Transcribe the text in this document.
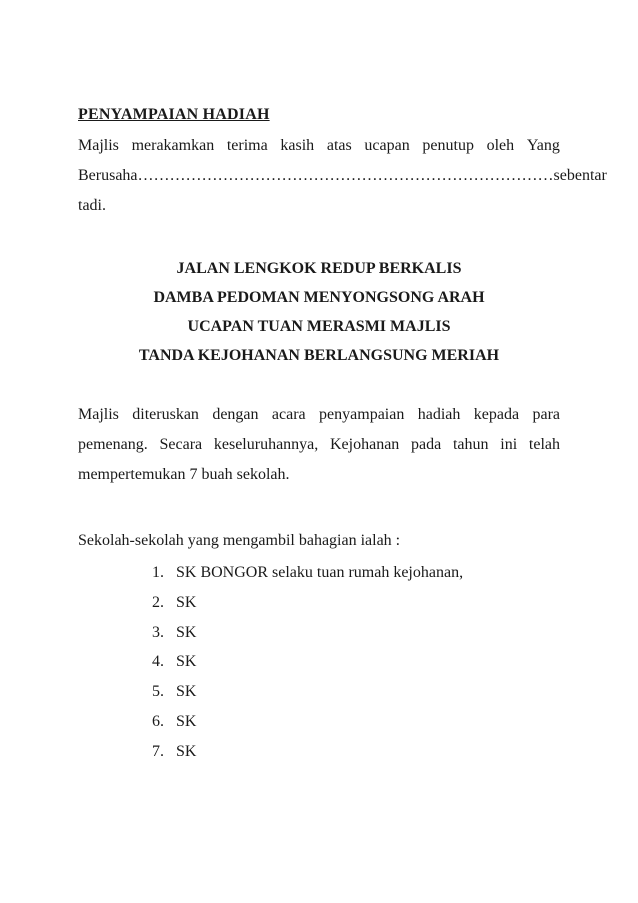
PENYAMPAIAN HADIAH
Majlis merakamkan terima kasih atas ucapan penutup oleh Yang
Berusaha …………………………………………………………………… sebentar
tadi.
JALAN LENGKOK REDUP BERKALIS
DAMBA PEDOMAN MENYONGSONG ARAH
UCAPAN TUAN MERASMI MAJLIS
TANDA KEJOHANAN BERLANGSUNG MERIAH
Majlis diteruskan dengan acara penyampaian hadiah kepada para
pemenang. Secara keseluruhannya, Kejohanan pada tahun ini telah
mempertemukan 7 buah sekolah.
Sekolah-sekolah yang mengambil bahagian ialah :
1. SK BONGOR selaku tuan rumah kejohanan,
2. SK
3. SK
4. SK
5. SK
6. SK
7. SK
